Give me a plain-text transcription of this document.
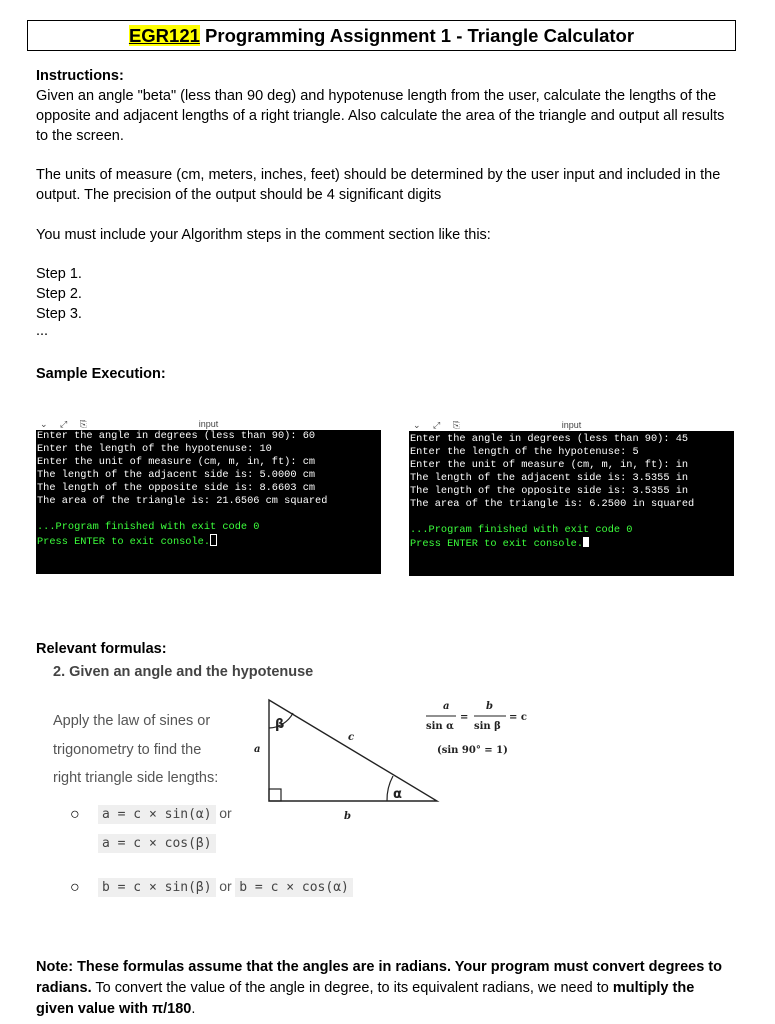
EGR121 Programming Assignment 1 - Triangle Calculator
Instructions:
Given an angle "beta" (less than 90 deg) and hypotenuse length from the user, calculate the lengths of the opposite and adjacent lengths of a right triangle. Also calculate the area of the triangle and output all results to the screen.
The units of measure (cm, meters, inches, feet) should be determined by the user input and included in the output. The precision of the output should be 4 significant digits
You must include your Algorithm steps in the comment section like this:
Step 1.
Step 2.
Step 3.
...
Sample Execution:
⌄ ⤢ ⎘	input
Enter the angle in degrees (less than 90): 60
Enter the length of the hypotenuse: 10
Enter the unit of measure (cm, m, in, ft): cm
The length of the adjacent side is: 5.0000 cm
The length of the opposite side is: 8.6603 cm
The area of the triangle is: 21.6506 cm squared
...Program finished with exit code 0
Press ENTER to exit console.
⌄ ⤢ ⎘	input
Enter the angle in degrees (less than 90): 45
Enter the length of the hypotenuse: 5
Enter the unit of measure (cm, m, in, ft): in
The length of the adjacent side is: 3.5355 in
The length of the opposite side is: 3.5355 in
The area of the triangle is: 6.2500 in squared
...Program finished with exit code 0
Press ENTER to exit console.
Relevant formulas:
2. Given an angle and the hypotenuse
Apply the law of sines or
trigonometry to find the
right triangle side lengths:
β
α
a
c
b
a
sin α
=
b
sin β
= c
(sin 90° = 1)
○	a = c × sin(α) or
a = c × cos(β)
○	b = c × sin(β) or b = c × cos(α)
Note: These formulas assume that the angles are in radians. Your program must convert degrees to radians. To convert the value of the angle in degree, to its equivalent radians, we need to multiply the given value with π/180.
